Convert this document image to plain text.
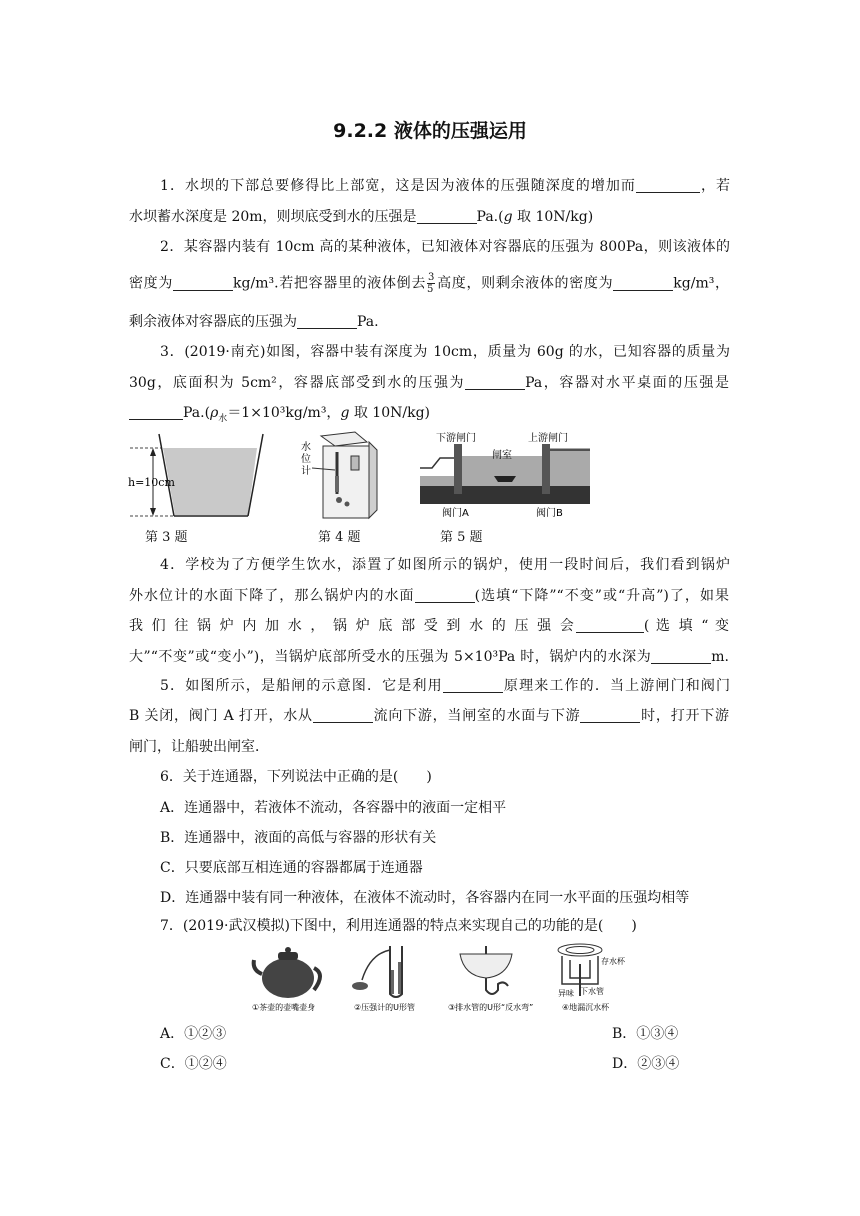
9.2.2 液体的压强运用
1．水坝的下部总要修得比上部宽，这是因为液体的压强随深度的增加而	，若
水坝蓄水深度是 20m，则坝底受到水的压强是	Pa.(g 取 10N/kg)
2．某容器内装有 10cm 高的某种液体，已知液体对容器底的压强为 800Pa，则该液体的
密度为	kg/m³.若把容器里的液体倒去 $\frac{3}{5}$ 高度，则剩余液体的密度为	kg/m³，
剩余液体对容器底的压强为	Pa.
3．(2019·南充)如图，容器中装有深度为 10cm，质量为 60g 的水，已知容器的质量为
30g，底面积为 5cm²，容器底部受到水的压强为	Pa，容器对水平桌面的压强是
$Pa.(\rho_水=1\times 10^3kg/m^3$，g 取 10N/kg)
h=10cm
水
位
计
下游闸门	上游闸门
闸室
阀门A	阀门B
第 3 题	第 4 题	第 5 题
4．学校为了方便学生饮水，添置了如图所示的锅炉，使用一段时间后，我们看到锅炉
外水位计的水面下降了，那么锅炉内的水面	(选填“下降”“不变”或“升高”)了，如果
我 们 往 锅 炉 内 加 水 ， 锅 炉 底 部 受 到 水 的 压 强 会	( 选 填 “ 变
大”“不变”或“变小”)，当锅炉底部所受水的压强为 5×10³Pa 时，锅炉内的水深为	m.
5．如图所示，是船闸的示意图．它是利用	原理来工作的．当上游闸门和阀门
B 关闭，阀门 A 打开，水从	流向下游，当闸室的水面与下游	时，打开下游
闸门，让船驶出闸室．
6．关于连通器，下列说法中正确的是(　　)
A．连通器中，若液体不流动，各容器中的液面一定相平
B．连通器中，液面的高低与容器的形状有关
C．只要底部互相连通的容器都属于连通器
D．连通器中装有同一种液体，在液体不流动时，各容器内在同一水平面的压强均相等
7．(2019·武汉模拟)下图中，利用连通器的特点来实现自己的功能的是(　　)
①茶壶的壶嘴壶身	②压强计的U形管	③排水管的U形“反水弯”
存水杯
下水管
异味
④地漏沉水杯
A．①②③	B．①③④
C．①②④	D．②③④
